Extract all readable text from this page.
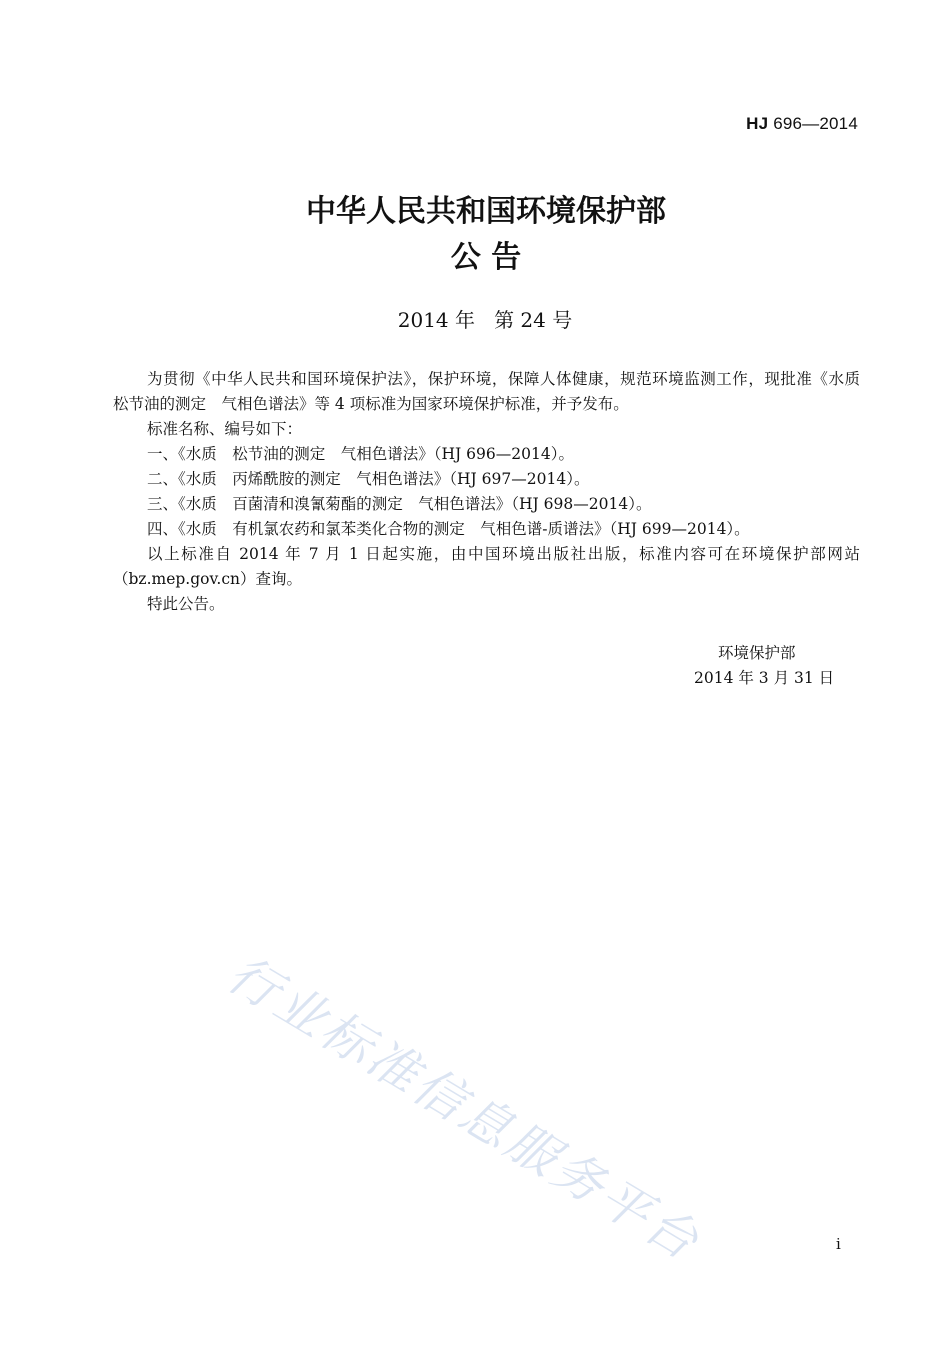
HJ 696—2014
中华人民共和国环境保护部
公 告
2014 年   第 24 号

为贯彻《中华人民共和国环境保护法》，保护环境，保障人体健康，规范环境监测工作，现批准《水质　松节油的测定　气相色谱法》等 4 项标准为国家环境保护标准，并予发布。

标准名称、编号如下：

一、《水质　松节油的测定　气相色谱法》（HJ 696—2014）。

二、《水质　丙烯酰胺的测定　气相色谱法》（HJ 697—2014）。

三、《水质　百菌清和溴氰菊酯的测定　气相色谱法》（HJ 698—2014）。

四、《水质　有机氯农药和氯苯类化合物的测定　气相色谱-质谱法》（HJ 699—2014）。

以上标准自 2014 年 7 月 1 日起实施，由中国环境出版社出版，标准内容可在环境保护部网站（bz.mep.gov.cn）查询。

特此公告。

环境保护部
2014 年 3 月 31 日
行业标准信息服务平台	i
